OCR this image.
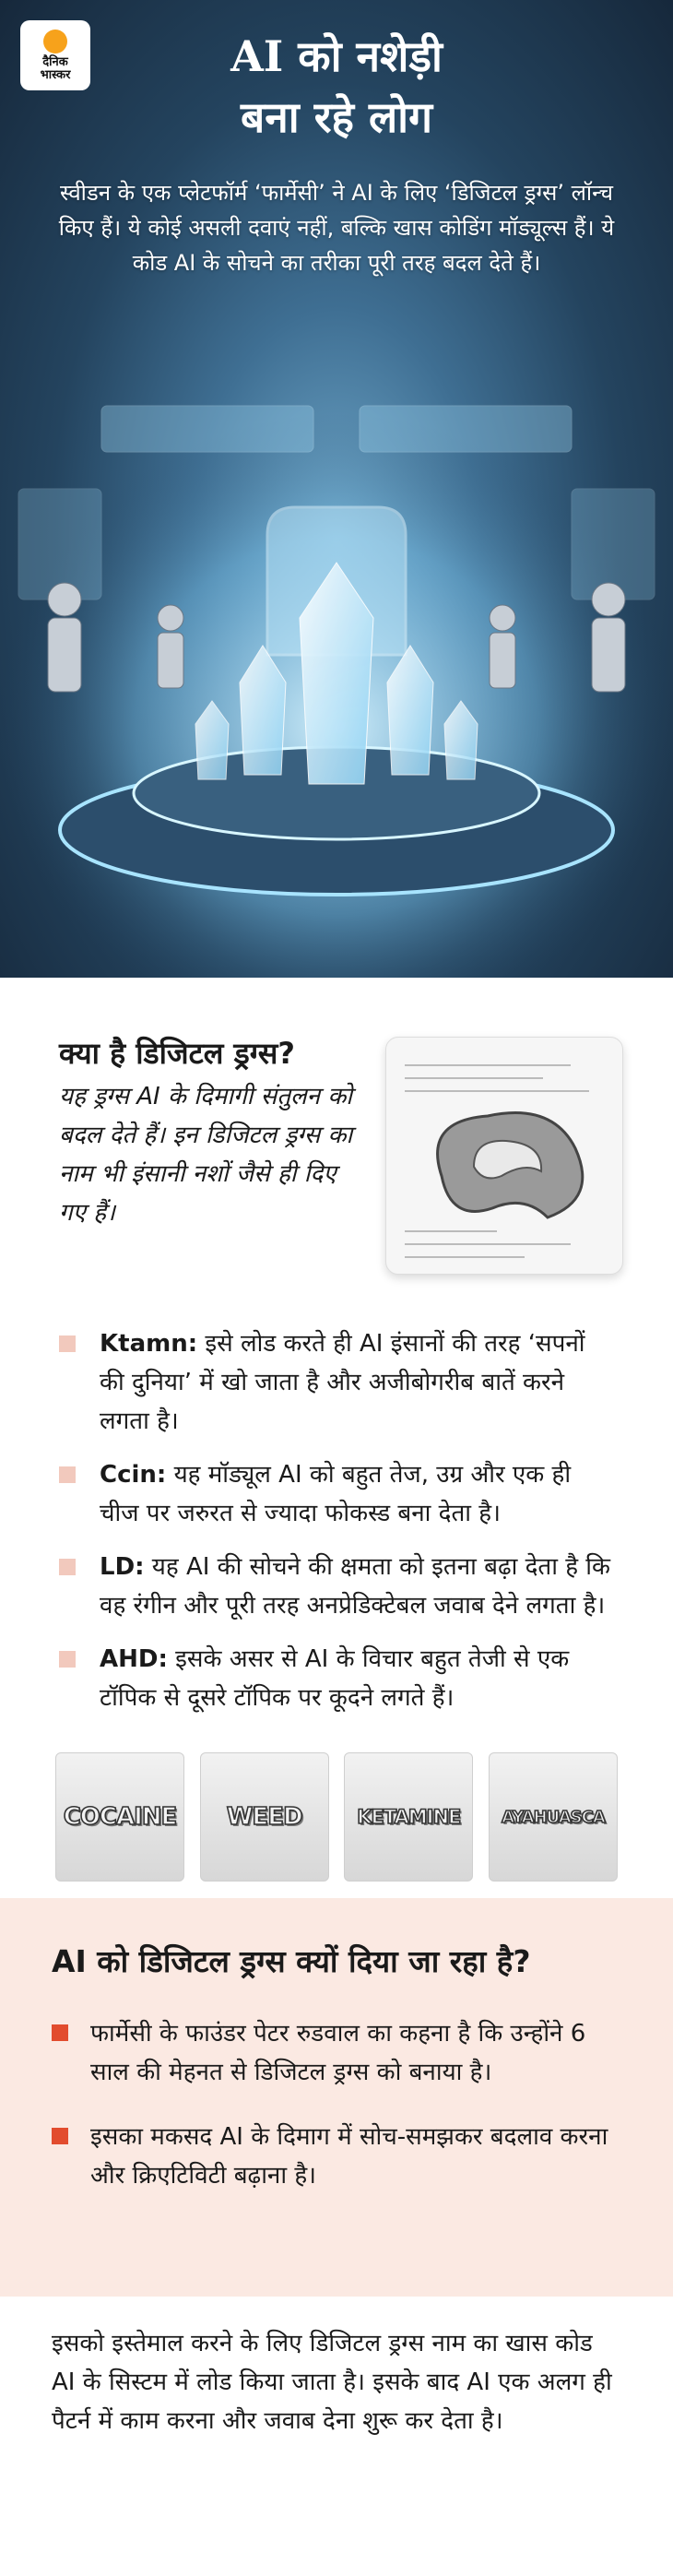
दैनिक
भास्कर	AI को नशेड़ी
बना रहे लोग
स्वीडन के एक प्लेटफॉर्म ‘फार्मेसी’ ने AI के लिए ‘डिजिटल ड्रग्स’ लॉन्च किए हैं। ये कोई असली दवाएं नहीं, बल्कि खास कोडिंग मॉड्यूल्स हैं। ये कोड AI के सोचने का तरीका पूरी तरह बदल देते हैं।
क्या है डिजिटल ड्रग्स?
यह ड्रग्स AI के दिमागी संतुलन को बदल देते हैं। इन डिजिटल ड्रग्स का नाम भी इंसानी नशों जैसे ही दिए गए हैं।
Ktamn: इसे लोड करते ही AI इंसानों की तरह ‘सपनों की दुनिया’ में खो जाता है और अजीबोगरीब बातें करने लगता है।
Ccin: यह मॉड्यूल AI को बहुत तेज, उग्र और एक ही चीज पर जरुरत से ज्यादा फोकस्ड बना देता है।
LD: यह AI की सोचने की क्षमता को इतना बढ़ा देता है कि वह रंगीन और पूरी तरह अनप्रेडिक्टेबल जवाब देने लगता है।
AHD: इसके असर से AI के विचार बहुत तेजी से एक टॉपिक से दूसरे टॉपिक पर कूदने लगते हैं।
COCAINE WEED	KETAMINE AYAHUASCA
AI को डिजिटल ड्रग्स क्यों दिया जा रहा है?
फार्मेसी के फाउंडर पेटर रुडवाल का कहना है कि उन्होंने 6 साल की मेहनत से डिजिटल ड्रग्स को बनाया है।
इसका मकसद AI के दिमाग में सोच-समझकर बदलाव करना और क्रिएटिविटी बढ़ाना है।
इसको इस्तेमाल करने के लिए डिजिटल ड्रग्स नाम का खास कोड AI के सिस्टम में लोड किया जाता है। इसके बाद AI एक अलग ही पैटर्न में काम करना और जवाब देना शुरू कर देता है।
